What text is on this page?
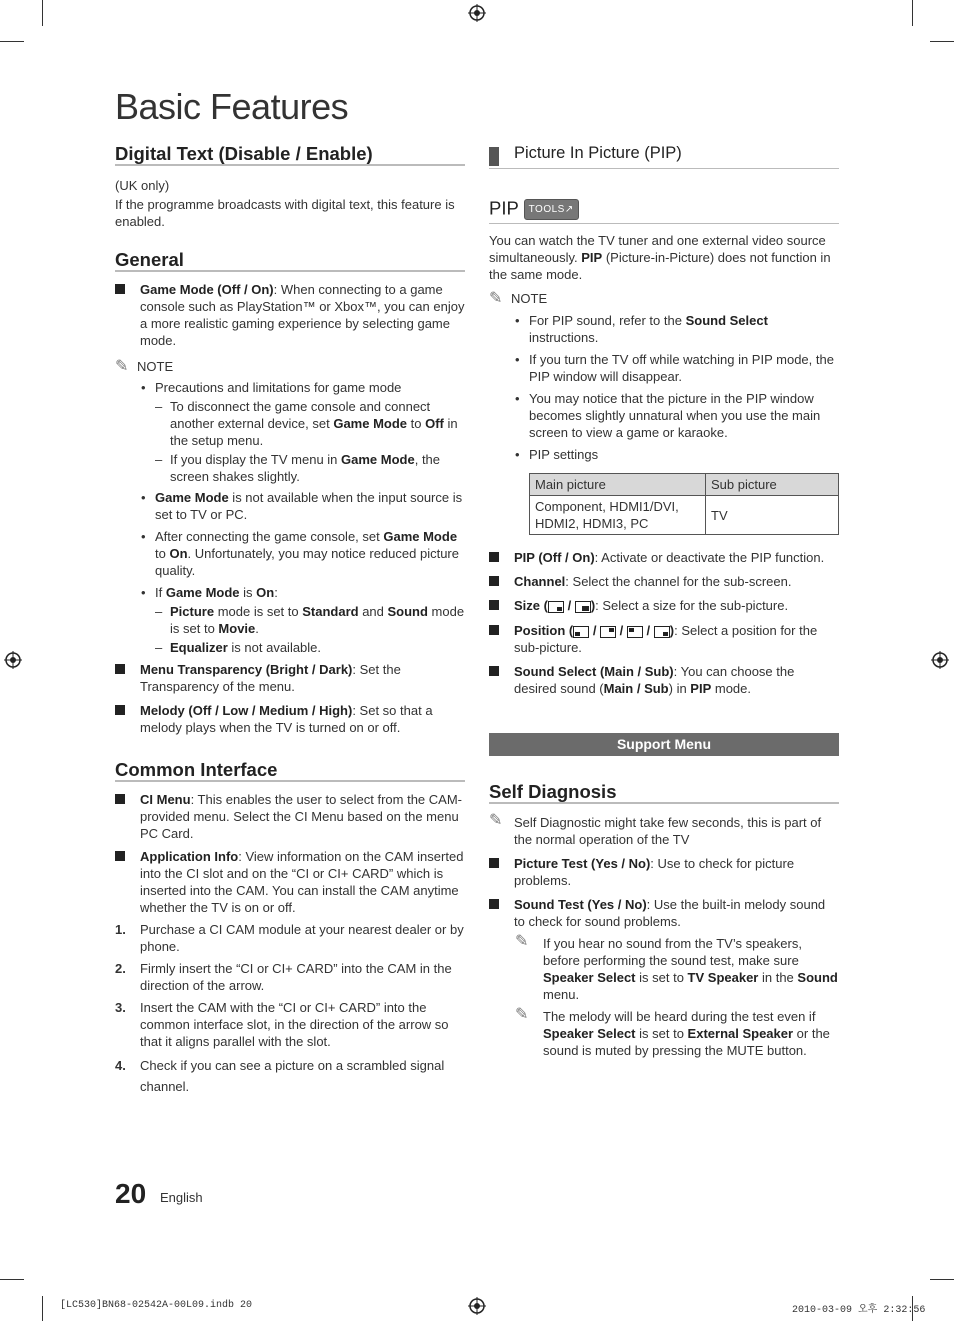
Basic Features
Digital Text (Disable / Enable)

(UK only)

If the programme broadcasts with digital text, this feature is enabled.

General
Game Mode (Off / On): When connecting to a game console such as PlayStation™ or Xbox™, you can enjoy a more realistic gaming experience by selecting game mode.
✎ NOTE
• Precautions and limitations for game mode
– To disconnect the game console and connect another external device, set Game Mode to Off in the setup menu.
– If you display the TV menu in Game Mode, the screen shakes slightly.
• Game Mode is not available when the input source is set to TV or PC.
• After connecting the game console, set Game Mode to On. Unfortunately, you may notice reduced picture quality.
• If Game Mode is On:
– Picture mode is set to Standard and Sound mode is set to Movie.
– Equalizer is not available.
Menu Transparency (Bright / Dark): Set the Transparency of the menu.
Melody (Off / Low / Medium / High): Set so that a melody plays when the TV is turned on or off.
Common Interface
CI Menu: This enables the user to select from the CAM-provided menu. Select the CI Menu based on the menu PC Card.
Application Info: View information on the CAM inserted into the CI slot and on the “CI or CI+ CARD” which is inserted into the CAM. You can install the CAM anytime whether the TV is on or off.
1. Purchase a CI CAM module at your nearest dealer or by phone.
2. Firmly insert the “CI or CI+ CARD” into the CAM in the direction of the arrow.
3. Insert the CAM with the “CI or CI+ CARD” into the common interface slot, in the direction of the arrow so that it aligns parallel with the slot.
4. Check if you can see a picture on a scrambled signal channel.
Picture In Picture (PIP)
PIP TOOLS↗

You can watch the TV tuner and one external video source simultaneously. PIP (Picture-in-Picture) does not function in the same mode.

✎ NOTE
• For PIP sound, refer to the Sound Select instructions.
• If you turn the TV off while watching in PIP mode, the PIP window will disappear.
• You may notice that the picture in the PIP window becomes slightly unnatural when you use the main screen to view a game or karaoke.
• PIP settings
Main picture	Sub picture
Component, HDMI1/DVI, HDMI2, HDMI3, PC	TV
PIP (Off / On): Activate or deactivate the PIP function.
Channel: Select the channel for the sub-screen.
Size (
/
): Select a size for the sub-picture.
Position (
/
/
/
): Select a position for the sub-picture.
Sound Select (Main / Sub): You can choose the desired sound (Main / Sub) in PIP mode.
Support Menu
Self Diagnosis
✎ Self Diagnostic might take few seconds, this is part of the normal operation of the TV
Picture Test (Yes / No): Use to check for picture problems.
Sound Test (Yes / No): Use the built-in melody sound to check for sound problems.
✎	If you hear no sound from the TV’s speakers, before performing the sound test, make sure Speaker Select is set to TV Speaker in the Sound menu.
✎	The melody will be heard during the test even if Speaker Select is set to External Speaker or the sound is muted by pressing the MUTE button.
20 English
[LC530]BN68-02542A-00L09.indb 20	2010-03-09 오후 2:32:56
